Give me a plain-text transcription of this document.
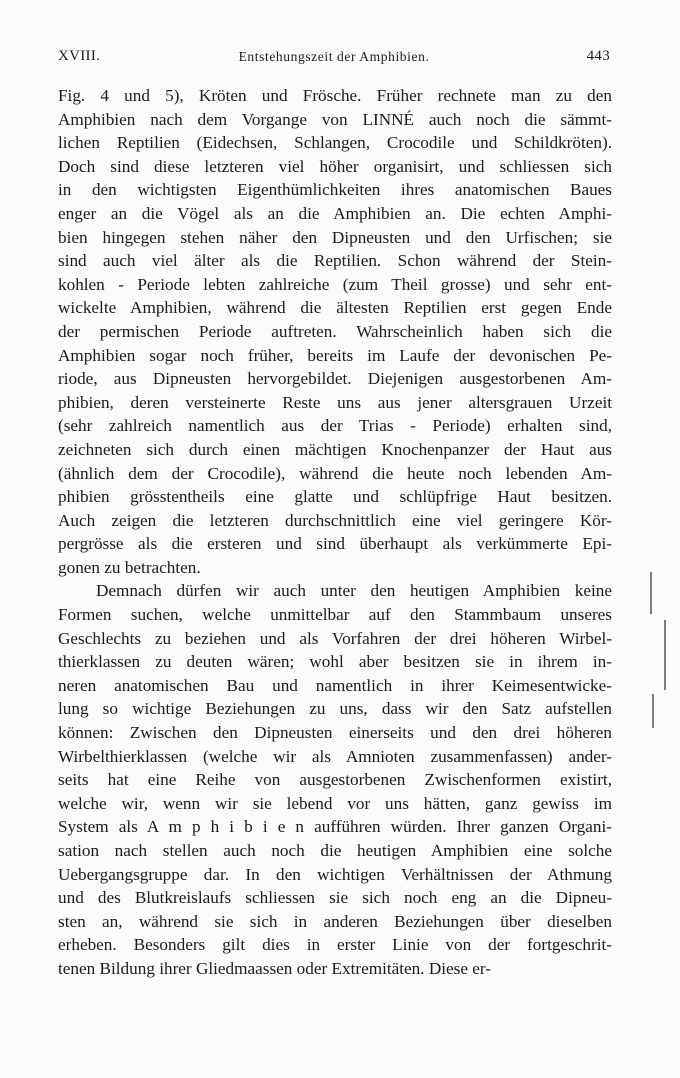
XVIII.	Entstehungszeit der Amphibien.	443
Fig. 4 und 5), Kröten und Frösche. Früher rechnete man zu den
Amphibien nach dem Vorgange von LINNÉ auch noch die sämmt-
lichen Reptilien (Eidechsen, Schlangen, Crocodile und Schildkröten).
Doch sind diese letzteren viel höher organisirt, und schliessen sich
in den wichtigsten Eigenthümlichkeiten ihres anatomischen Baues
enger an die Vögel als an die Amphibien an. Die echten Amphi-
bien hingegen stehen näher den Dipneusten und den Urfischen; sie
sind auch viel älter als die Reptilien. Schon während der Stein-
kohlen - Periode lebten zahlreiche (zum Theil grosse) und sehr ent-
wickelte Amphibien, während die ältesten Reptilien erst gegen Ende
der permischen Periode auftreten. Wahrscheinlich haben sich die
Amphibien sogar noch früher, bereits im Laufe der devonischen Pe-
riode, aus Dipneusten hervorgebildet. Diejenigen ausgestorbenen Am-
phibien, deren versteinerte Reste uns aus jener altersgrauen Urzeit
(sehr zahlreich namentlich aus der Trias - Periode) erhalten sind,
zeichneten sich durch einen mächtigen Knochenpanzer der Haut aus
(ähnlich dem der Crocodile), während die heute noch lebenden Am-
phibien grösstentheils eine glatte und schlüpfrige Haut besitzen.
Auch zeigen die letzteren durchschnittlich eine viel geringere Kör-
pergrösse als die ersteren und sind überhaupt als verkümmerte Epi-
gonen zu betrachten.
Demnach dürfen wir auch unter den heutigen Amphibien keine
Formen suchen, welche unmittelbar auf den Stammbaum unseres
Geschlechts zu beziehen und als Vorfahren der drei höheren Wirbel-
thierklassen zu deuten wären; wohl aber besitzen sie in ihrem in-
neren anatomischen Bau und namentlich in ihrer Keimesentwicke-
lung so wichtige Beziehungen zu uns, dass wir den Satz aufstellen
können: Zwischen den Dipneusten einerseits und den drei höheren
Wirbelthierklassen (welche wir als Amnioten zusammenfassen) ander-
seits hat eine Reihe von ausgestorbenen Zwischenformen existirt,
welche wir, wenn wir sie lebend vor uns hätten, ganz gewiss im
System als A m p h i b i e n aufführen würden. Ihrer ganzen Organi-
sation nach stellen auch noch die heutigen Amphibien eine solche
Uebergangsgruppe dar. In den wichtigen Verhältnissen der Athmung
und des Blutkreislaufs schliessen sie sich noch eng an die Dipneu-
sten an, während sie sich in anderen Beziehungen über dieselben
erheben. Besonders gilt dies in erster Linie von der fortgeschrit-
tenen Bildung ihrer Gliedmaassen oder Extremitäten. Diese er-
